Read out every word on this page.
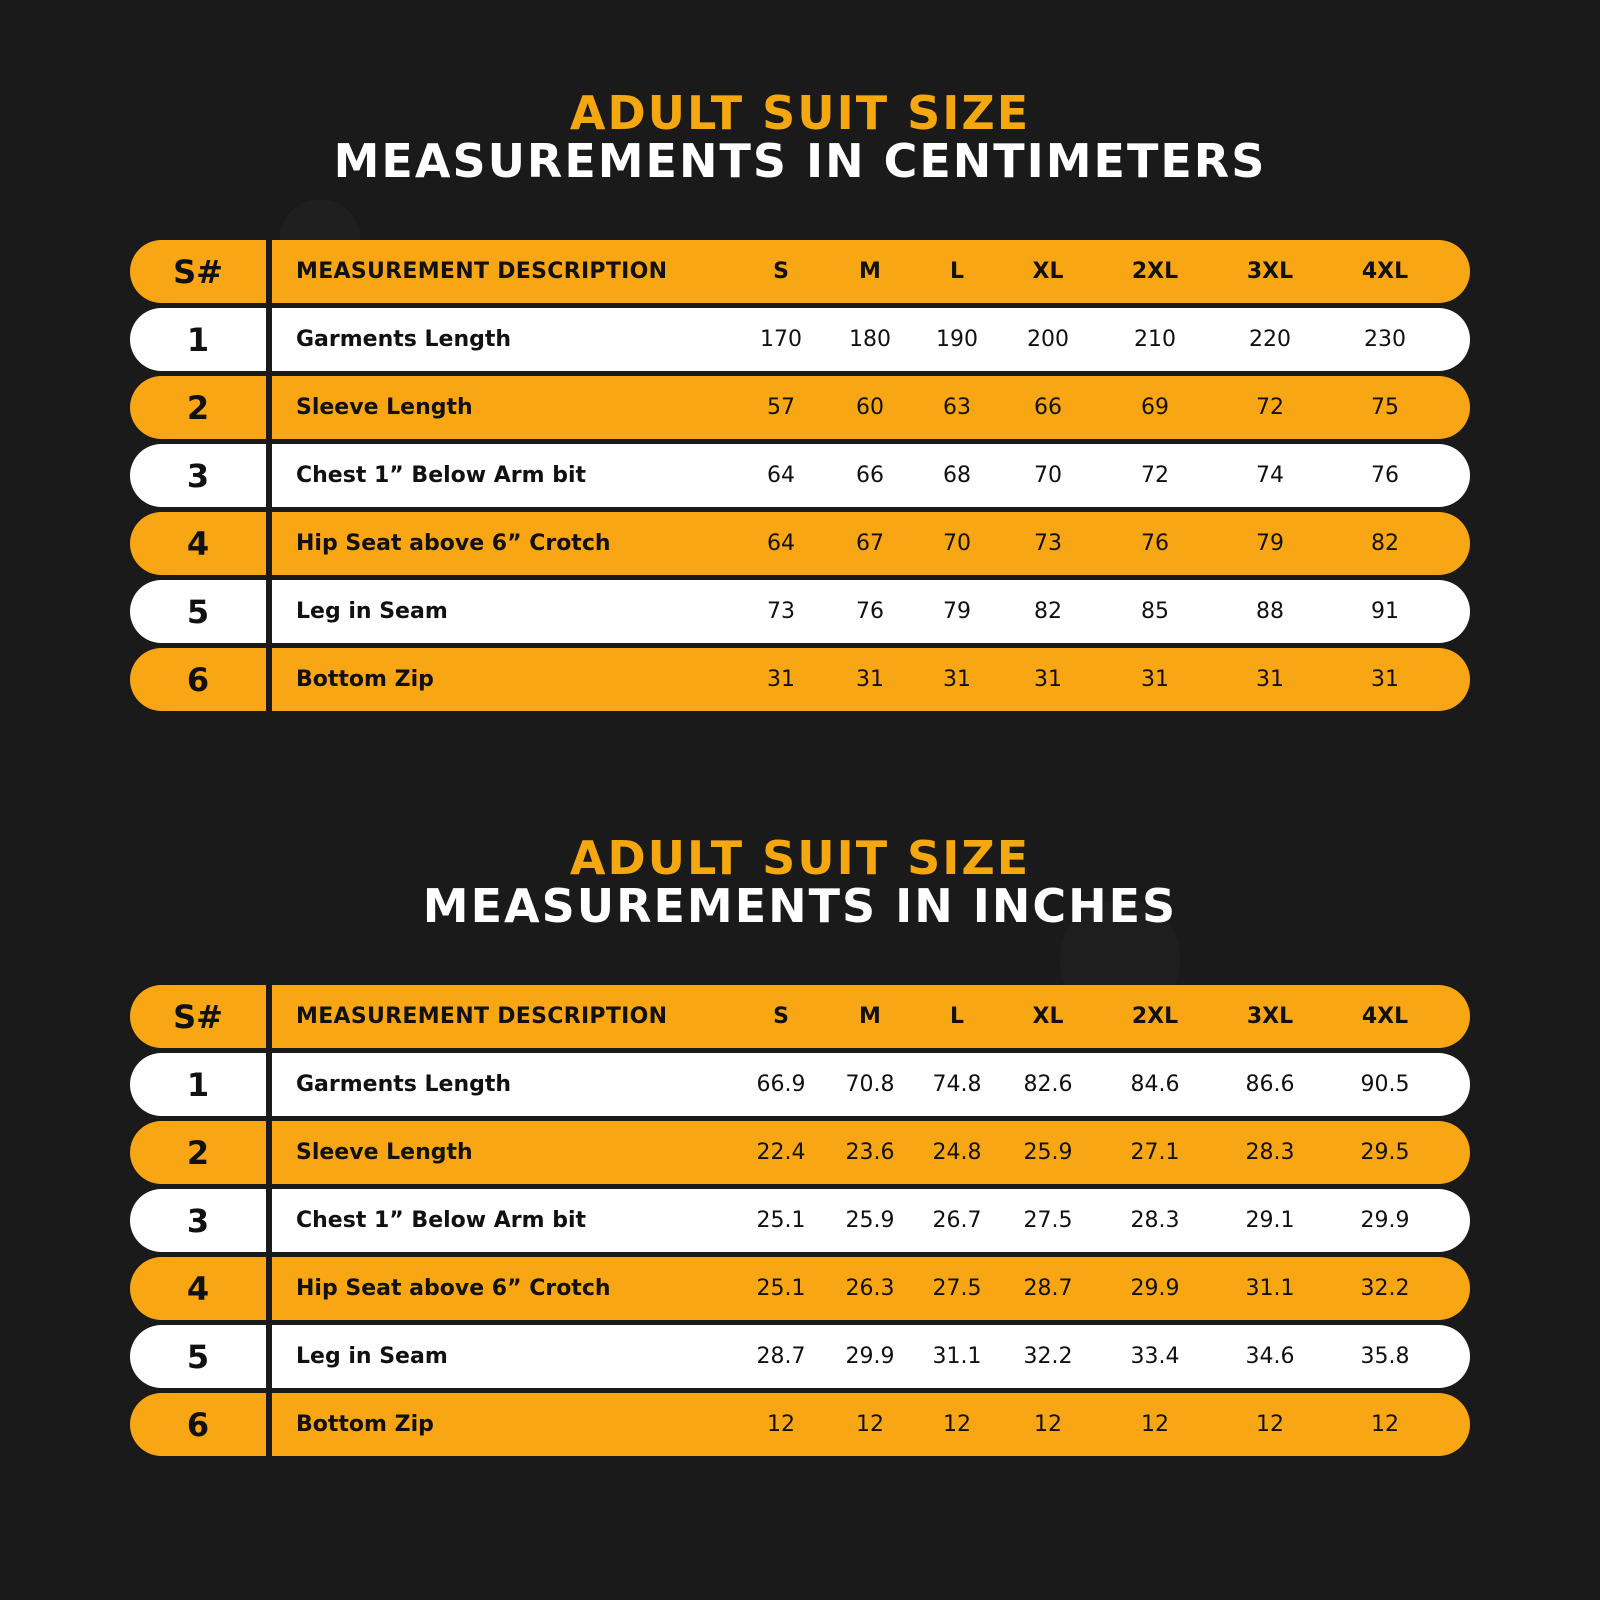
ADULT SUIT SIZE
MEASUREMENTS IN CENTIMETERS
S#	MEASUREMENT DESCRIPTION	S	M	L	XL	2XL	3XL	4XL
1	Garments Length	170	180	190	200	210	220	230
2	Sleeve Length	57	60	63	66	69	72	75
3	Chest 1” Below Arm bit	64	66	68	70	72	74	76
4	Hip Seat above 6” Crotch	64	67	70	73	76	79	82
5	Leg in Seam	73	76	79	82	85	88	91
6	Bottom Zip	31	31	31	31	31	31	31
ADULT SUIT SIZE
MEASUREMENTS IN INCHES
S#	MEASUREMENT DESCRIPTION	S	M	L	XL	2XL	3XL	4XL
1	Garments Length	66.9	70.8	74.8	82.6	84.6	86.6	90.5
2	Sleeve Length	22.4	23.6	24.8	25.9	27.1	28.3	29.5
3	Chest 1” Below Arm bit	25.1	25.9	26.7	27.5	28.3	29.1	29.9
4	Hip Seat above 6” Crotch	25.1	26.3	27.5	28.7	29.9	31.1	32.2
5	Leg in Seam	28.7	29.9	31.1	32.2	33.4	34.6	35.8
6	Bottom Zip	12	12	12	12	12	12	12
